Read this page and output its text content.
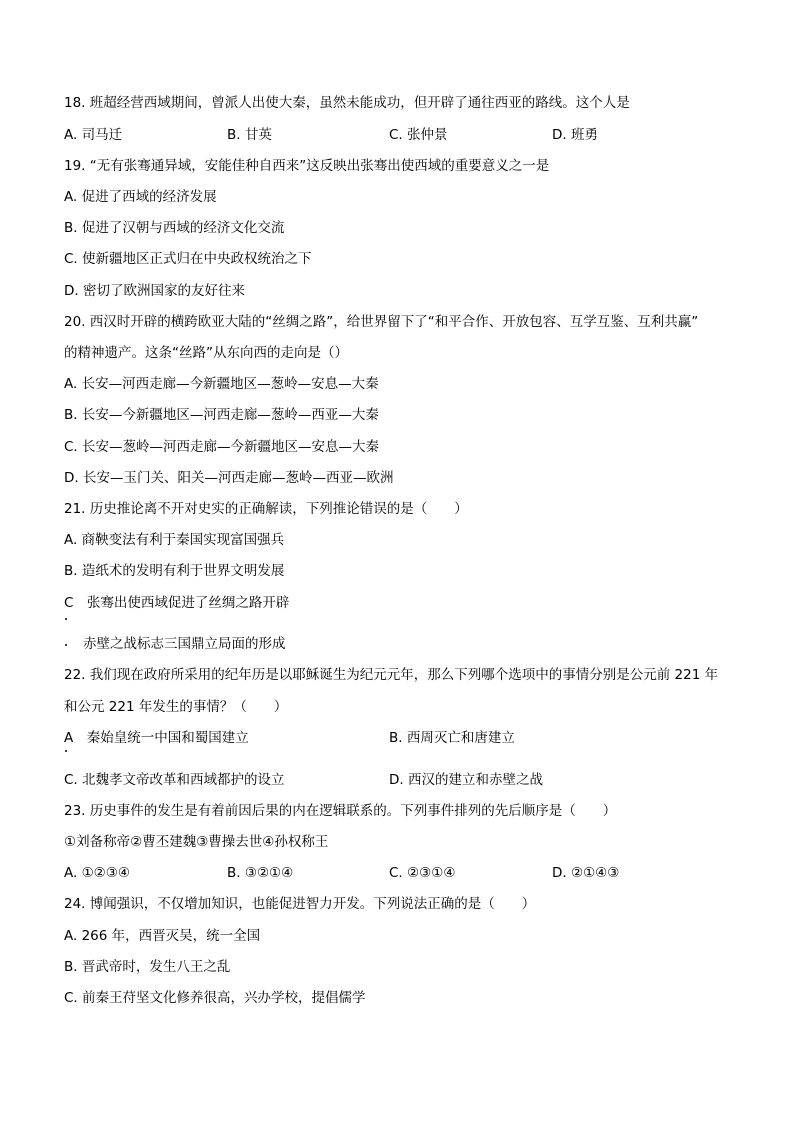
18. 班超经营西域期间，曾派人出使大秦，虽然未能成功，但开辟了通往西亚的路线。这个人是
A. 司马迁	B. 甘英	C. 张仲景	D. 班勇
19. “无有张骞通异域，安能佳种自西来”这反映出张骞出使西域的重要意义之一是
A. 促进了西域的经济发展
B. 促进了汉朝与西域的经济文化交流
C. 使新疆地区正式归在中央政权统治之下
D. 密切了欧洲国家的友好往来
20. 西汉时开辟的横跨欧亚大陆的“丝绸之路”，给世界留下了“和平合作、开放包容、互学互鉴、互利共赢”
的精神遗产。这条“丝路”从东向西的走向是（）
A. 长安—河西走廊—今新疆地区—葱岭—安息—大秦
B. 长安—今新疆地区—河西走廊—葱岭—西亚—大秦
C. 长安—葱岭—河西走廊—今新疆地区—安息—大秦
D. 长安—玉门关、阳关—河西走廊—葱岭—西亚—欧洲
21. 历史推论离不开对史实的正确解读，下列推论错误的是（　　）
A. 商鞅变法有利于秦国实现富国强兵
B. 造纸术的发明有利于世界文明发展
C　张骞出使西域促进了丝绸之路开辟
赤壁之战标志三国鼎立局面的形成
22. 我们现在政府所采用的纪年历是以耶稣诞生为纪元元年，那么下列哪个选项中的事情分别是公元前 221 年
和公元 221 年发生的事情？（　　）
A　秦始皇统一中国和蜀国建立	B. 西周灭亡和唐建立
C. 北魏孝文帝改革和西域都护的设立	D. 西汉的建立和赤壁之战
23. 历史事件的发生是有着前因后果的内在逻辑联系的。下列事件排列的先后顺序是（　　）
①刘备称帝②曹丕建魏③曹操去世④孙权称王
A. ①②③④	B. ③②①④	C. ②③①④	D. ②①④③
24. 博闻强识，不仅增加知识，也能促进智力开发。下列说法正确的是（　　）
A. 266 年，西晋灭吴，统一全国
B. 晋武帝时，发生八王之乱
C. 前秦王苻坚文化修养很高，兴办学校，提倡儒学
